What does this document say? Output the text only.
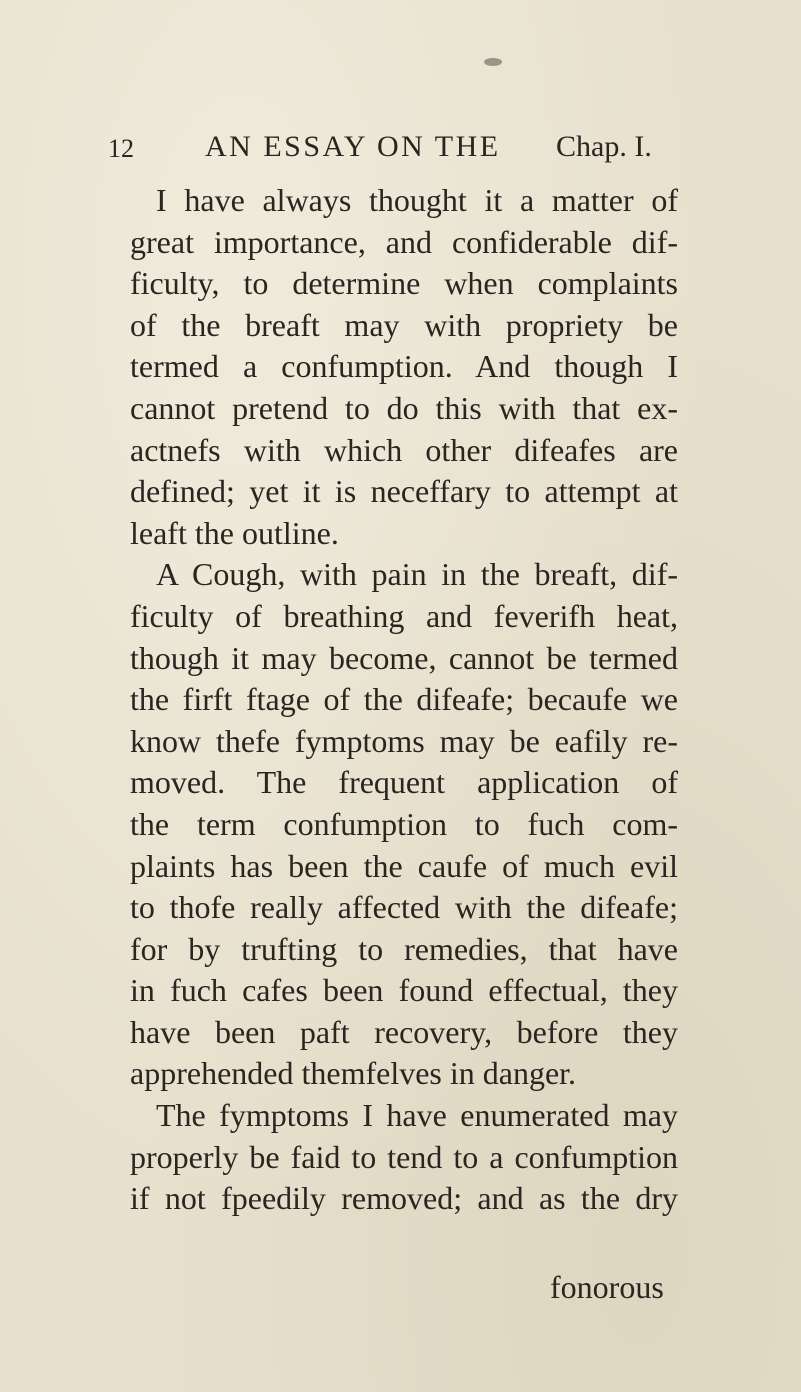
12 AN ESSAY ON THE Chap. I.
I have always thought it a matter of
great importance, and confiderable dif-
ficulty, to determine when complaints
of the breaft may with propriety be
termed a confumption. And though I
cannot pretend to do this with that ex-
actnefs with which other difeafes are
defined; yet it is neceffary to attempt at
leaft the outline.
A Cough, with pain in the breaft, dif-
ficulty of breathing and feverifh heat,
though it may become, cannot be termed
the firft ftage of the difeafe; becaufe we
know thefe fymptoms may be eafily re-
moved. The frequent application of
the term confumption to fuch com-
plaints has been the caufe of much evil
to thofe really affected with the difeafe;
for by trufting to remedies, that have
in fuch cafes been found effectual, they
have been paft recovery, before they
apprehended themfelves in danger.
The fymptoms I have enumerated may
properly be faid to tend to a confumption
if not fpeedily removed; and as the dry
fonorous
